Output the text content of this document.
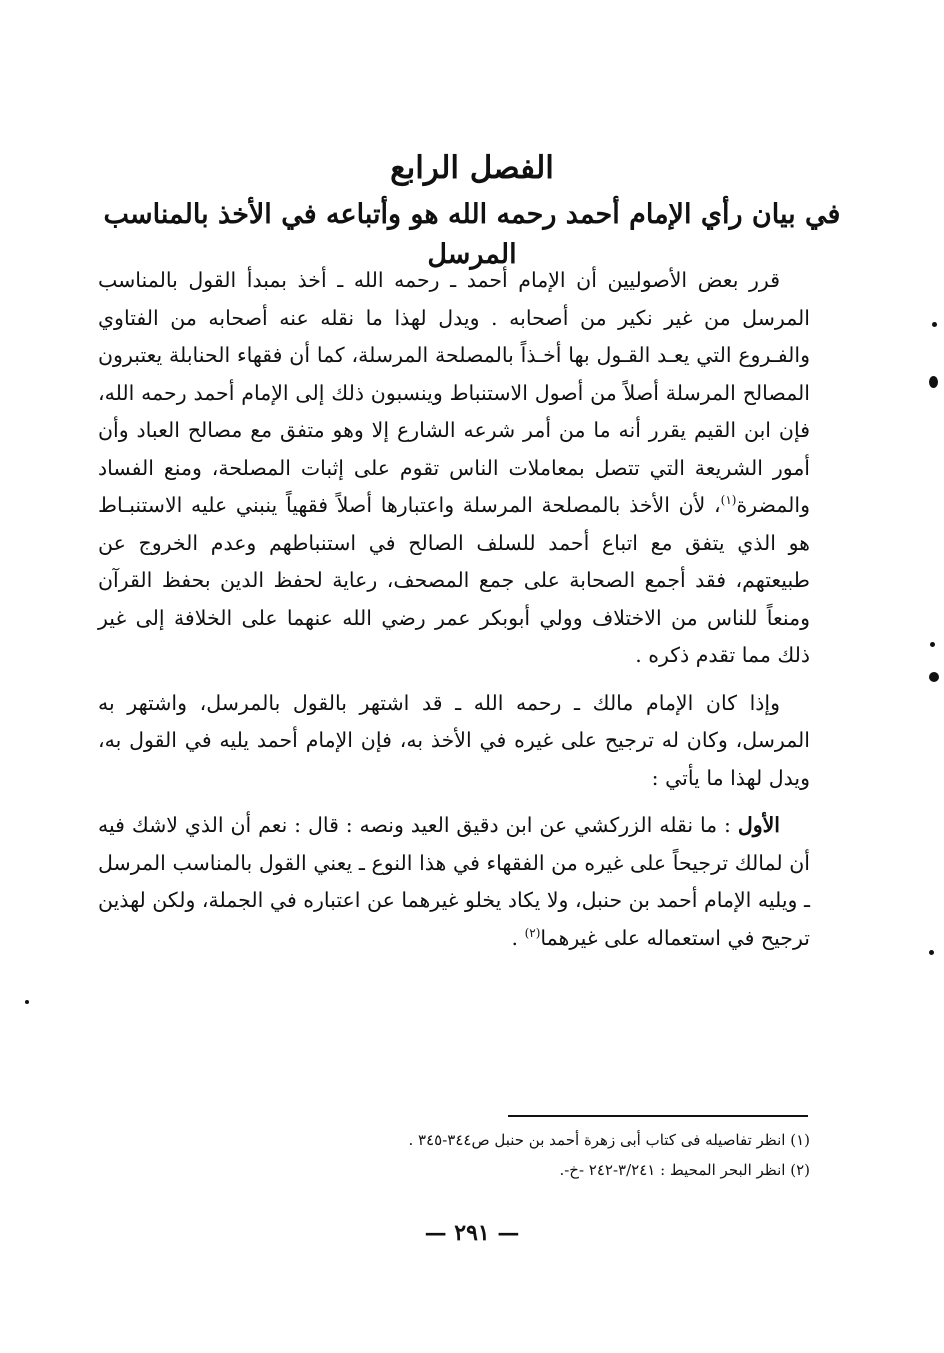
الفصل الرابع
في بيان رأي الإمام أحمد رحمه الله هو وأتباعه في الأخذ بالمناسب المرسل

قرر بعض الأصوليين أن الإمام أحمد ـ رحمه الله ـ أخذ بمبدأ القول بالمناسب المرسل من غير نكير من أصحابه . ويدل لهذا ما نقله عنه أصحابه من الفتاوي والفـروع التي يعـد القـول بها أخـذاً بالمصلحة المرسلة، كما أن فقهاء الحنابلة يعتبرون المصالح المرسلة أصلاً من أصول الاستنباط وينسبون ذلك إلى الإمام أحمد رحمه الله، فإن ابن القيم يقرر أنه ما من أمر شرعه الشارع إلا وهو متفق مع مصالح العباد وأن أمور الشريعة التي تتصل بمعاملات الناس تقوم على إثبات المصلحة، ومنع الفساد والمضرة$^{(١)}$، لأن الأخذ بالمصلحة المرسلة واعتبارها أصلاً فقهياً ينبني عليه الاستنبـاط هو الذي يتفق مع اتباع أحمد للسلف الصالح في استنباطهم وعدم الخروج عن طبيعتهم، فقد أجمع الصحابة على جمع المصحف، رعاية لحفظ الدين بحفظ القرآن ومنعاً للناس من الاختلاف وولي أبوبكر عمر رضي الله عنهما على الخلافة إلى غير ذلك مما تقدم ذكره .

وإذا كان الإمام مالك ـ رحمه الله ـ قد اشتهر بالقول بالمرسل، واشتهر به المرسل، وكان له ترجيح على غيره في الأخذ به، فإن الإمام أحمد يليه في القول به، ويدل لهذا ما يأتي :

الأول : ما نقله الزركشي عن ابن دقيق العيد ونصه : قال : نعم أن الذي لاشك فيه أن لمالك ترجيحاً على غيره من الفقهاء في هذا النوع ـ يعني القول بالمناسب المرسل ـ ويليه الإمام أحمد بن حنبل، ولا يكاد يخلو غيرهما عن اعتباره في الجملة، ولكن لهذين ترجيح في استعماله على غيرهما$^{(٢)}$ .

(١) انظر تفاصيله فى كتاب أبى زهرة أحمد بن حنبل ص٣٤٤-٣٤٥ .
(٢) انظر البحر المحيط : ٣/٢٤١-٢٤٢ -خ-.
— ٢٩١ —
